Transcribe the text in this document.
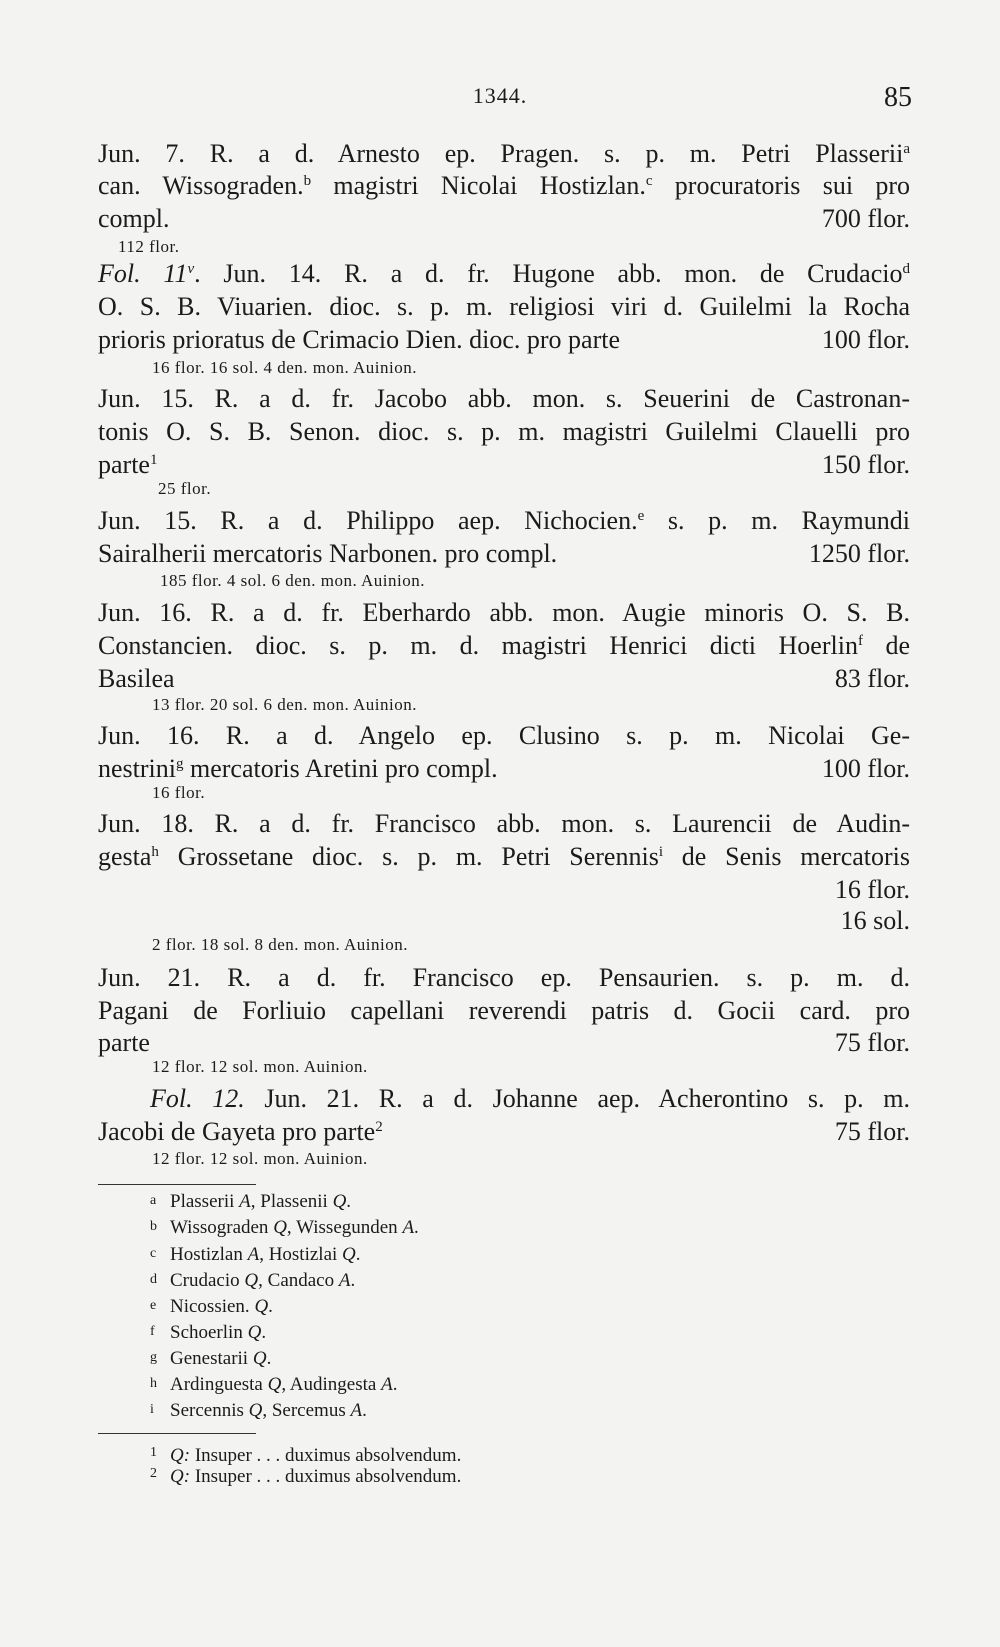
1344.	85
Jun. 7. R. a d. Arnesto ep. Pragen. s. p. m. Petri Plasserii$^a$
can. Wissograden.$^b$ magistri Nicolai Hostizlan.$^c$ procuratoris sui pro
compl.	700 flor.
112 flor.
Fol. 11$^v$. Jun. 14. R. a d. fr. Hugone abb. mon. de Crudacio$^d$
O. S. B. Viuarien. dioc. s. p. m. religiosi viri d. Guilelmi la Rocha
prioris prioratus de Crimacio Dien. dioc. pro parte	100 flor.
16 flor. 16 sol. 4 den. mon. Auinion.
Jun. 15. R. a d. fr. Jacobo abb. mon. s. Seuerini de Castronan-
tonis O. S. B. Senon. dioc. s. p. m. magistri Guilelmi Clauelli pro
parte$^1$	150 flor.
25 flor.
Jun. 15. R. a d. Philippo aep. Nichocien.$^e$ s. p. m. Raymundi
Sairalherii mercatoris Narbonen. pro compl.	1250 flor.
185 flor. 4 sol. 6 den. mon. Auinion.
Jun. 16. R. a d. fr. Eberhardo abb. mon. Augie minoris O. S. B.
Constancien. dioc. s. p. m. d. magistri Henrici dicti Hoerlin$^f$ de
Basilea	83 flor.
13 flor. 20 sol. 6 den. mon. Auinion.
Jun. 16. R. a d. Angelo ep. Clusino s. p. m. Nicolai Ge-
nestrini$^g$ mercatoris Aretini pro compl.	100 flor.
16 flor.
Jun. 18. R. a d. fr. Francisco abb. mon. s. Laurencii de Audin-
gesta$^h$ Grossetane dioc. s. p. m. Petri Serennis$^i$ de Senis mercatoris
16 flor.
16 sol.
2 flor. 18 sol. 8 den. mon. Auinion.
Jun. 21. R. a d. fr. Francisco ep. Pensaurien. s. p. m. d.
Pagani de Forliuio capellani reverendi patris d. Gocii card. pro
parte	75 flor.
12 flor. 12 sol. mon. Auinion.
Fol. 12. Jun. 21. R. a d. Johanne aep. Acherontino s. p. m.
Jacobi de Gayeta pro parte$^2$	75 flor.
12 flor. 12 sol. mon. Auinion.
a Plasserii A, Plassenii Q.
b Wissograden Q, Wissegunden A.
c Hostizlan A, Hostizlai Q.
d Crudacio Q, Candaco A.
e Nicossien. Q.
f Schoerlin Q.
g Genestarii Q.
h Ardinguesta Q, Audingesta A.
i Sercennis Q, Sercemus A.
1 Q: Insuper . . . duximus absolvendum.
2 Q: Insuper . . . duximus absolvendum.
